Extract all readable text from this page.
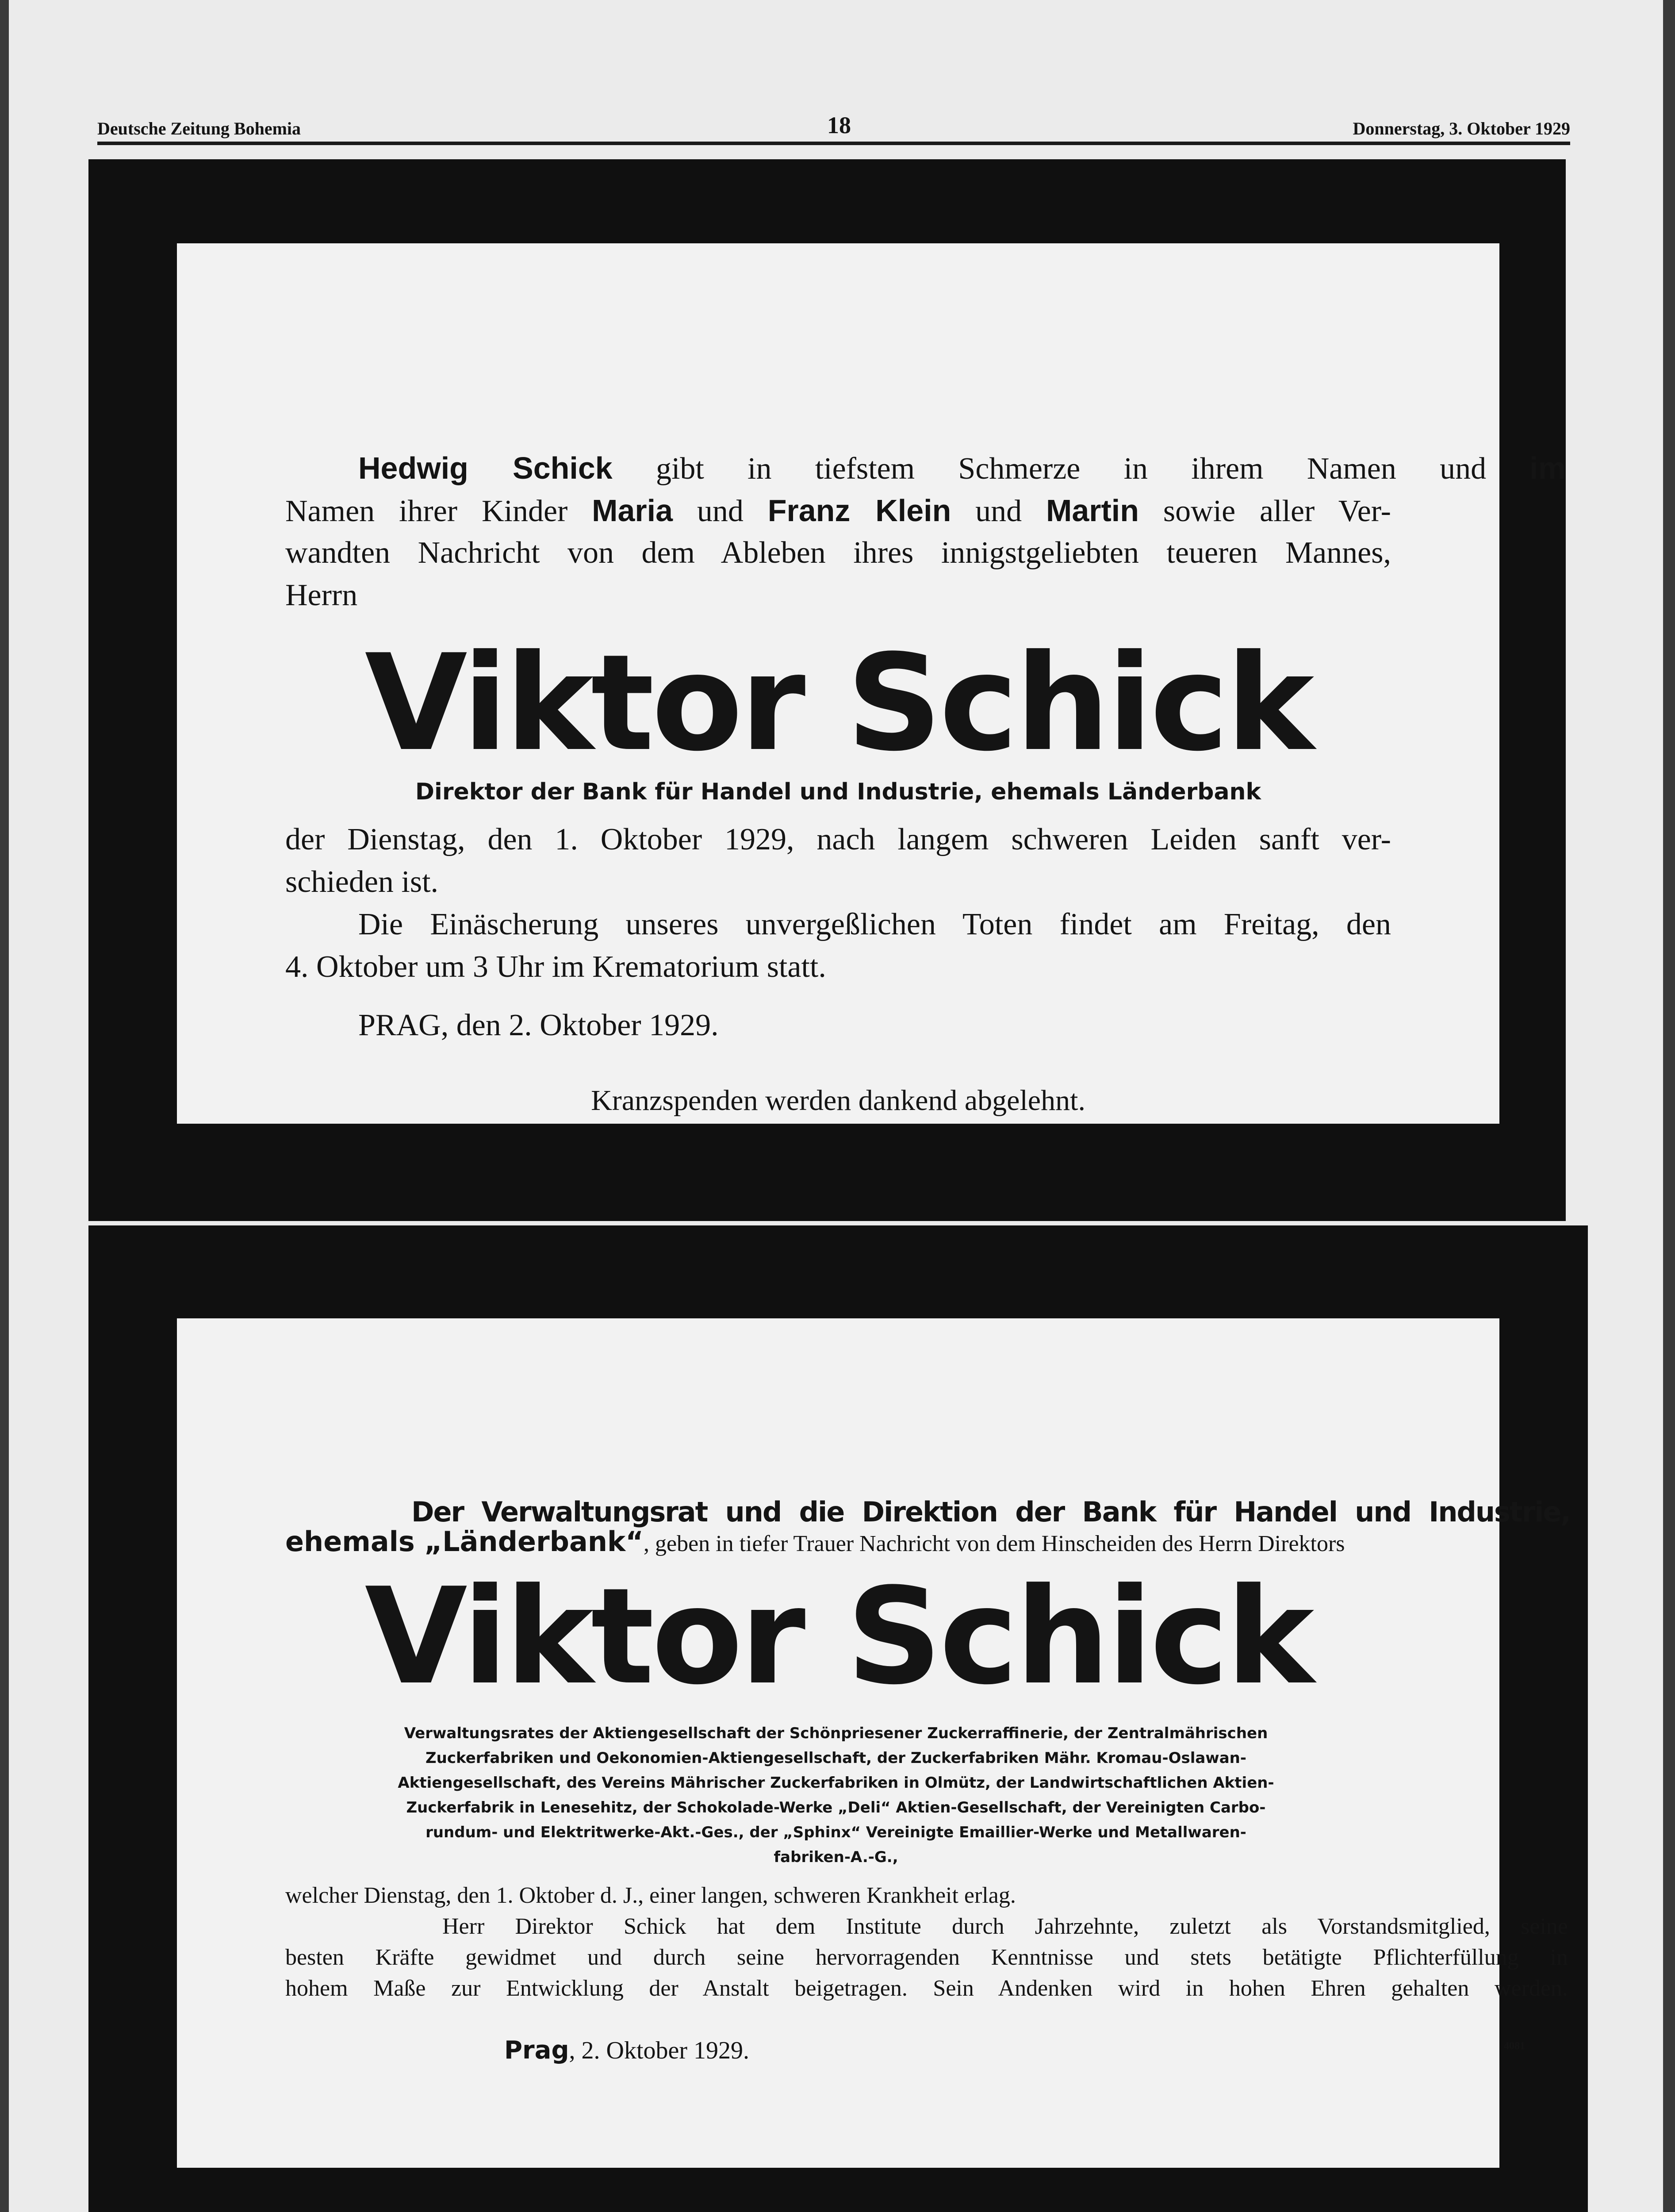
Deutsche Zeitung Bohemia	18	Donnerstag, 3. Oktober 1929
Hedwig Schick gibt in tiefstem Schmerze in ihrem Namen und im
Namen ihrer Kinder Maria und Franz Klein und Martin sowie aller Ver-
wandten Nachricht von dem Ableben ihres innigstgeliebten teueren Mannes,
Herrn
Viktor Schick
Direktor der Bank für Handel und Industrie, ehemals Länderbank
der Dienstag, den 1. Oktober 1929, nach langem schweren Leiden sanft ver-
schieden ist.
Die Einäscherung unseres unvergeßlichen Toten findet am Freitag, den
4. Oktober um 3 Uhr im Krematorium statt.
PRAG, den 2. Oktober 1929.
Kranzspenden werden dankend abgelehnt.
Der Verwaltungsrat und die Direktion der Bank für Handel und Industrie,
ehemals „Länderbank“, geben in tiefer Trauer Nachricht von dem Hinscheiden des Herrn Direktors
Viktor Schick
Verwaltungsrates der Aktiengesellschaft der Schönpriesener Zuckerraffinerie, der Zentralmährischen
Zuckerfabriken und Oekonomien-Aktiengesellschaft, der Zuckerfabriken Mähr. Kromau-Oslawan-
Aktiengesellschaft, des Vereins Mährischer Zuckerfabriken in Olmütz, der Landwirtschaftlichen Aktien-
Zuckerfabrik in Lenesehitz, der Schokolade-Werke „Deli“ Aktien-Gesellschaft, der Vereinigten Carbo-
rundum- und Elektritwerke-Akt.-Ges., der „Sphinx“ Vereinigte Emaillier-Werke und Metallwaren-
fabriken-A.-G.,
welcher Dienstag, den 1. Oktober d. J., einer langen, schweren Krankheit erlag.
Herr Direktor Schick hat dem Institute durch Jahrzehnte, zuletzt als Vorstandsmitglied, seine
besten Kräfte gewidmet und durch seine hervorragenden Kenntnisse und stets betätigte Pflichterfüllung in
hohem Maße zur Entwicklung der Anstalt beigetragen. Sein Andenken wird in hohen Ehren gehalten werden.
Prag, 2. Oktober 1929.	4081
